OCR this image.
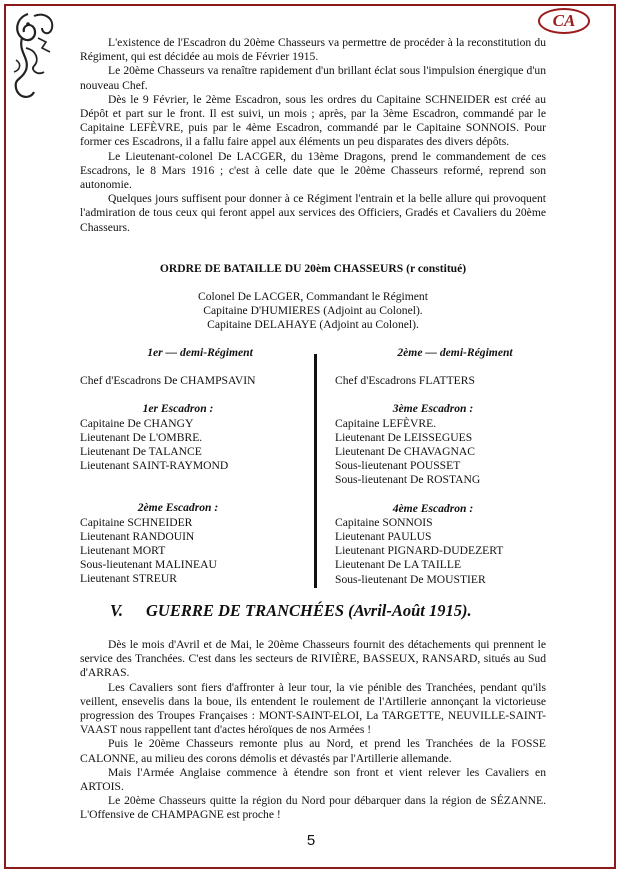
CA

L'existence de l'Escadron du 20ème Chasseurs va permettre de procéder à la reconstitution du Régiment, qui est décidée au mois de Février 1915.

Le 20ème Chasseurs va renaître rapidement d'un brillant éclat sous l'impulsion énergique d'un nouveau Chef.

Dès le 9 Février, le 2ème Escadron, sous les ordres du Capitaine SCHNEIDER est créé au Dépôt et part sur le front. Il est suivi, un mois ; après, par la 3ème Escadron, commandé par le Capitaine LEFÈVRE, puis par le 4ème Escadron, commandé par le Capitaine SONNOIS. Pour former ces Escadrons, il a fallu faire appel aux éléments un peu disparates des divers dépôts.

Le Lieutenant-colonel De LACGER, du 13ème Dragons, prend le commandement de ces Escadrons, le 8 Mars 1916 ; c'est à celle date que le 20ème Chasseurs reformé, reprend son autonomie.

Quelques jours suffisent pour donner à ce Régiment l'entrain et la belle allure qui provoquent l'admiration de tous ceux qui feront appel aux services des Officiers, Gradés et Cavaliers du 20ème Chasseurs.

ORDRE DE BATAILLE DU 20èm CHASSEURS (r constitué)
Colonel De LACGER, Commandant le Régiment
Capitaine D'HUMIERES (Adjoint au Colonel).
Capitaine DELAHAYE (Adjoint au Colonel).
1er — demi-Régiment
Chef d'Escadrons De CHAMPSAVIN
1er Escadron :
Capitaine De CHANGY
Lieutenant De L'OMBRE.
Lieutenant De TALANCE
Lieutenant SAINT-RAYMOND
2ème Escadron :
Capitaine SCHNEIDER
Lieutenant RANDOUIN
Lieutenant MORT
Sous-lieutenant MALINEAU
Lieutenant STREUR
2ème — demi-Régiment
Chef d'Escadrons FLATTERS
3ème Escadron :
Capitaine LEFÈVRE.
Lieutenant De LEISSEGUES
Lieutenant De CHAVAGNAC
Sous-lieutenant POUSSET
Sous-lieutenant De ROSTANG
4ème Escadron :
Capitaine SONNOIS
Lieutenant PAULUS
Lieutenant PIGNARD-DUDEZERT
Lieutenant De LA TAILLE
Sous-lieutenant De MOUSTIER
V. GUERRE DE TRANCHÉES (Avril-Août 1915).

Dès le mois d'Avril et de Mai, le 20ème Chasseurs fournit des détachements qui prennent le service des Tranchées. C'est dans les secteurs de RIVIÈRE, BASSEUX, RANSARD, situés au Sud d'ARRAS.

Les Cavaliers sont fiers d'affronter à leur tour, la vie pénible des Tranchées, pendant qu'ils veillent, ensevelis dans la boue, ils entendent le roulement de l'Artillerie annonçant la victorieuse progression des Troupes Françaises : MONT-SAINT-ELOI, La TARGETTE, NEUVILLE-SAINT-VAAST nous rappellent tant d'actes héroïques de nos Armées !

Puis le 20ème Chasseurs remonte plus au Nord, et prend les Tranchées de la FOSSE CALONNE, au milieu des corons démolis et dévastés par l'Artillerie allemande.

Mais l'Armée Anglaise commence à étendre son front et vient relever les Cavaliers en ARTOIS.

Le 20ème Chasseurs quitte la région du Nord pour débarquer dans la région de SÉZANNE. L'Offensive de CHAMPAGNE est proche !

5
